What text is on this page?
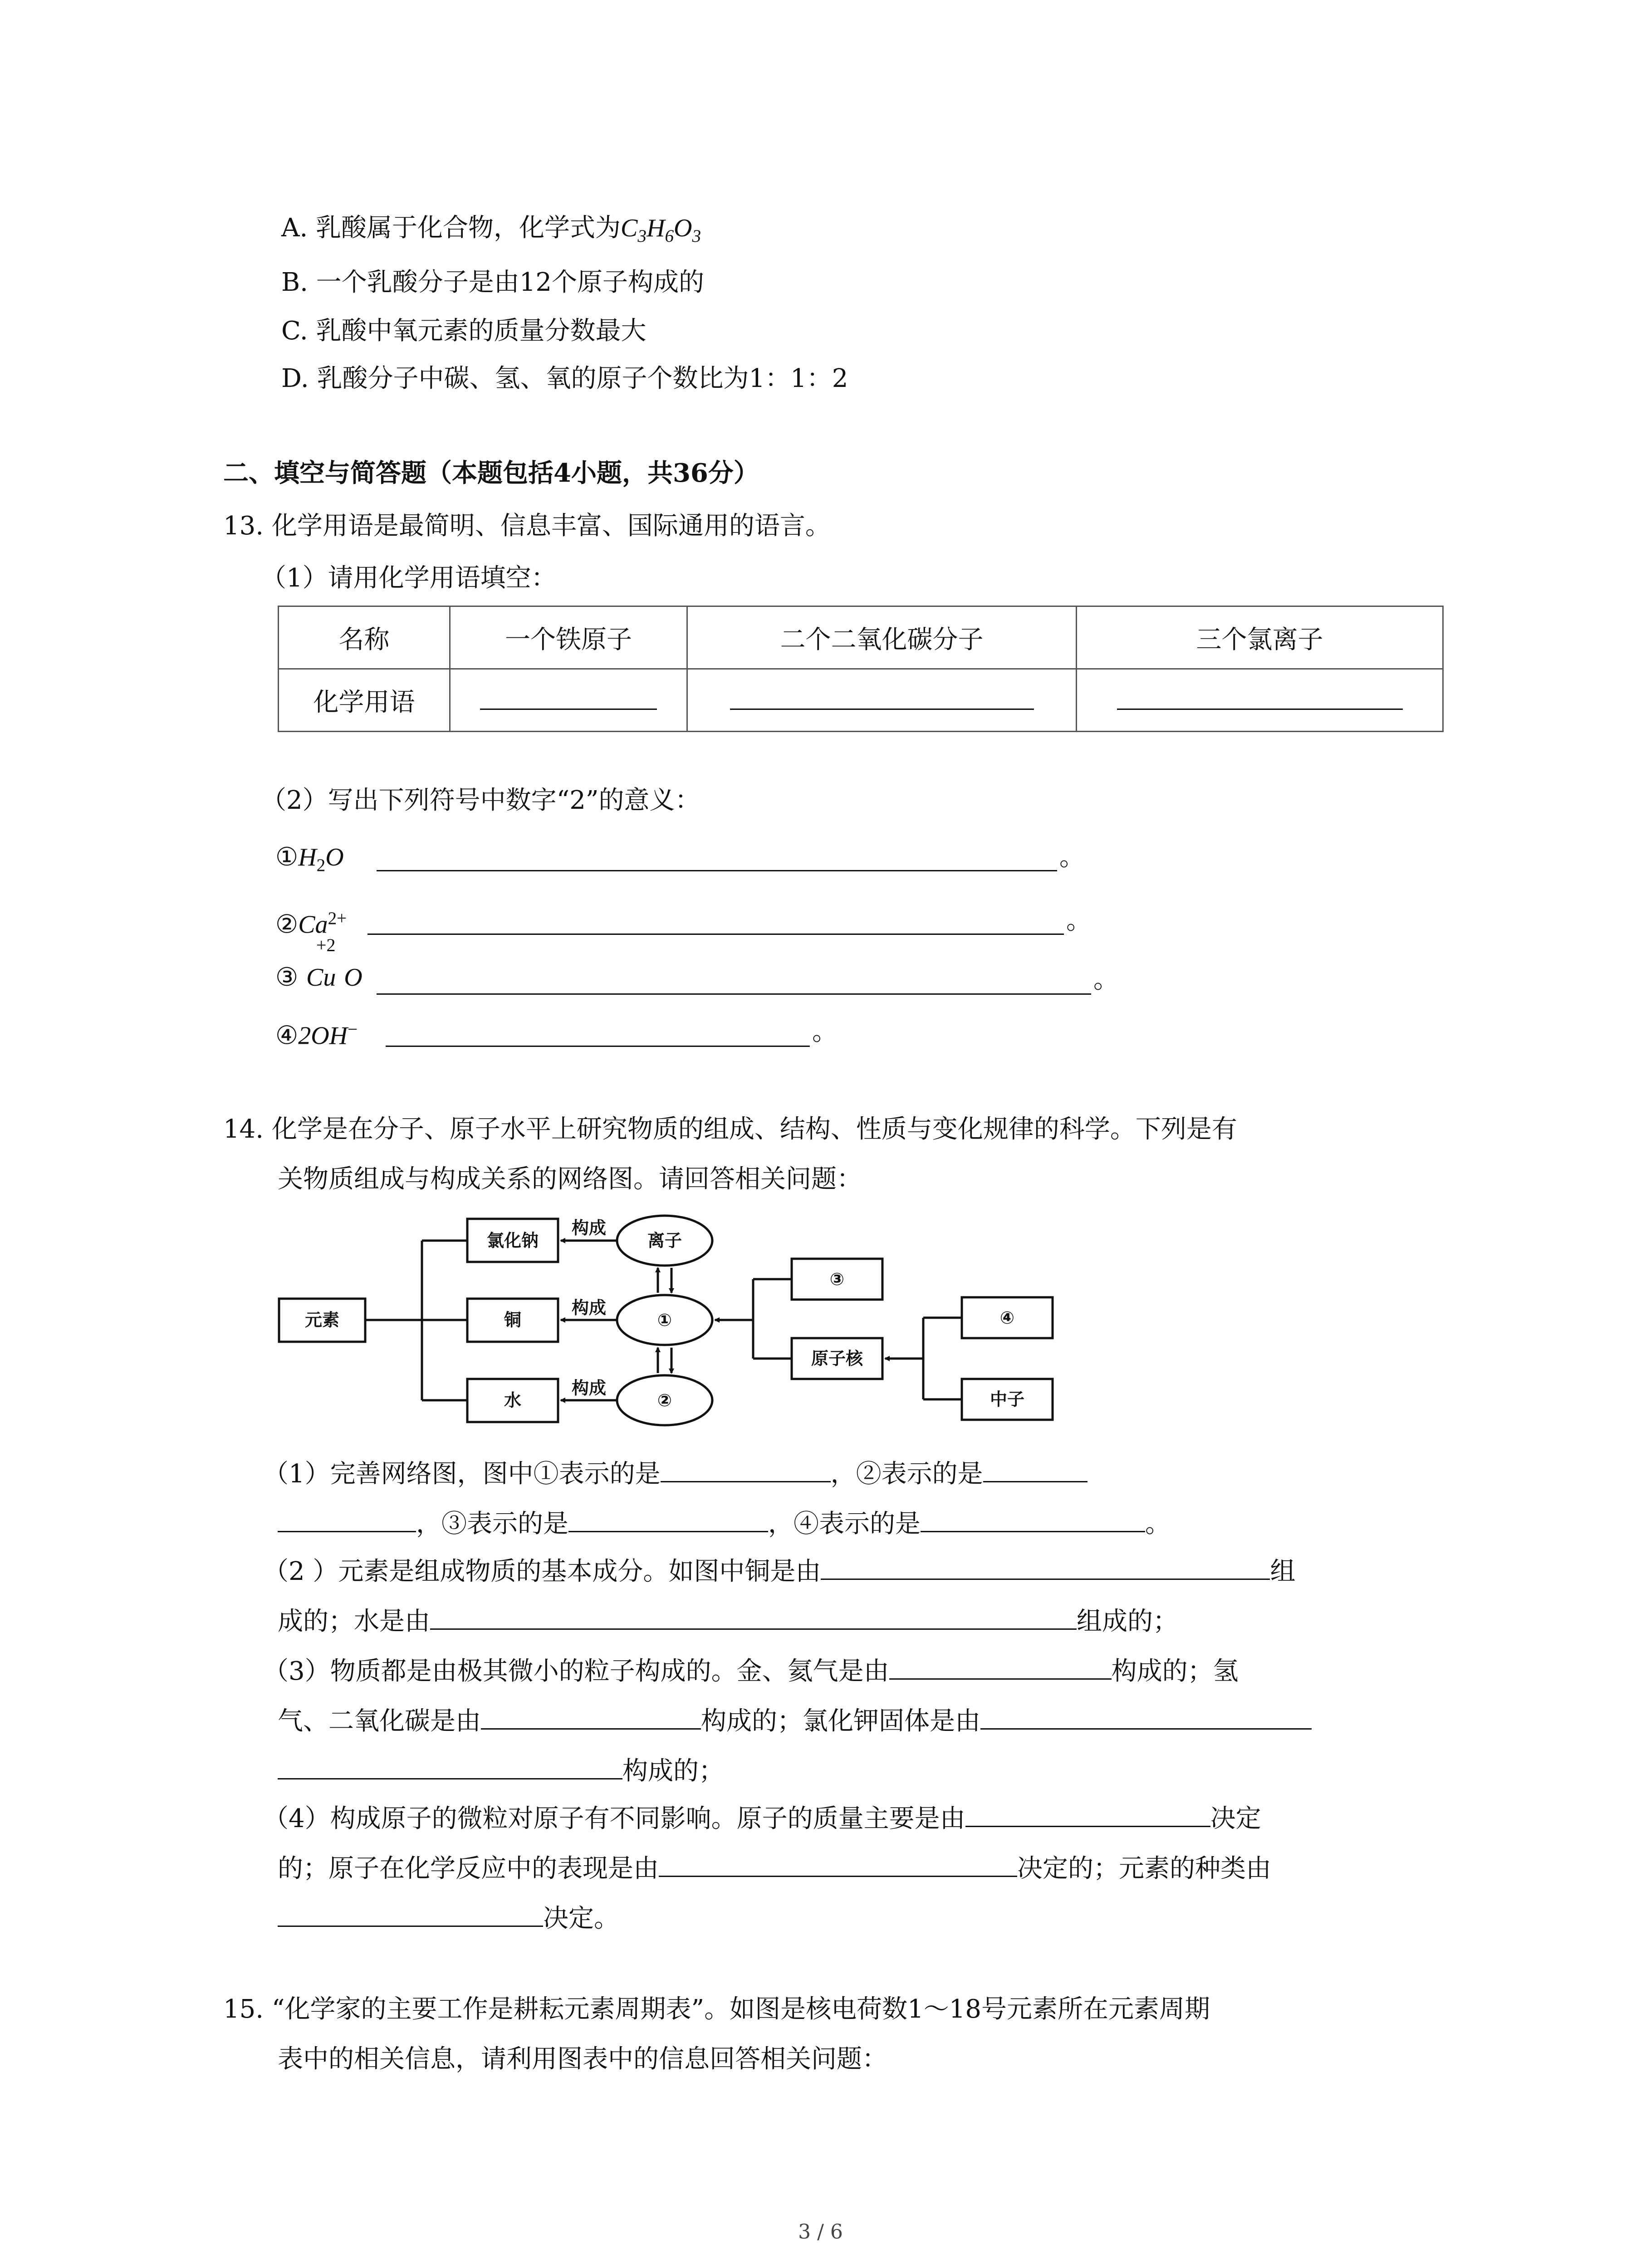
A. 乳酸属于化合物，化学式为$C_3H_6O_3$
B. 一个乳酸分子是由12个原子构成的
C. 乳酸中氧元素的质量分数最大
D. 乳酸分子中碳、氢、氧的原子个数比为1：1：2
二、填空与简答题（本题包括4小题，共36分）
13. 化学用语是最简明、信息丰富、国际通用的语言。
（1）请用化学用语填空：
名称	一个铁原子	二个二氧化碳分子	三个氯离子
化学用语	

（2）写出下列符号中数字“2”的意义：
$①H_2O$	。
$②Ca^{2+}$	。
+2
③ Cu O	。
④2OH−	。
14. 化学是在分子、原子水平上研究物质的组成、结构、性质与变化规律的科学。下列是有
关物质组成与构成关系的网络图。请回答相关问题：
元素
氯化钠
铜
水
构成
构成
构成
离子
①
②
③
原子核
④
中子
（1）完善网络图，图中①表示的是	，②表示的是
，③表示的是	，④表示的是	。
（2 ）元素是组成物质的基本成分。如图中铜是由	组
成的；水是由	组成的；
（3）物质都是由极其微小的粒子构成的。金、氦气是由	构成的；氢
气、二氧化碳是由	构成的；氯化钾固体是由
构成的；
（4）构成原子的微粒对原子有不同影响。原子的质量主要是由	决定
的；原子在化学反应中的表现是由	决定的；元素的种类由
决定。
15. “化学家的主要工作是耕耘元素周期表”。如图是核电荷数1～18号元素所在元素周期
表中的相关信息，请利用图表中的信息回答相关问题：
3 / 6
